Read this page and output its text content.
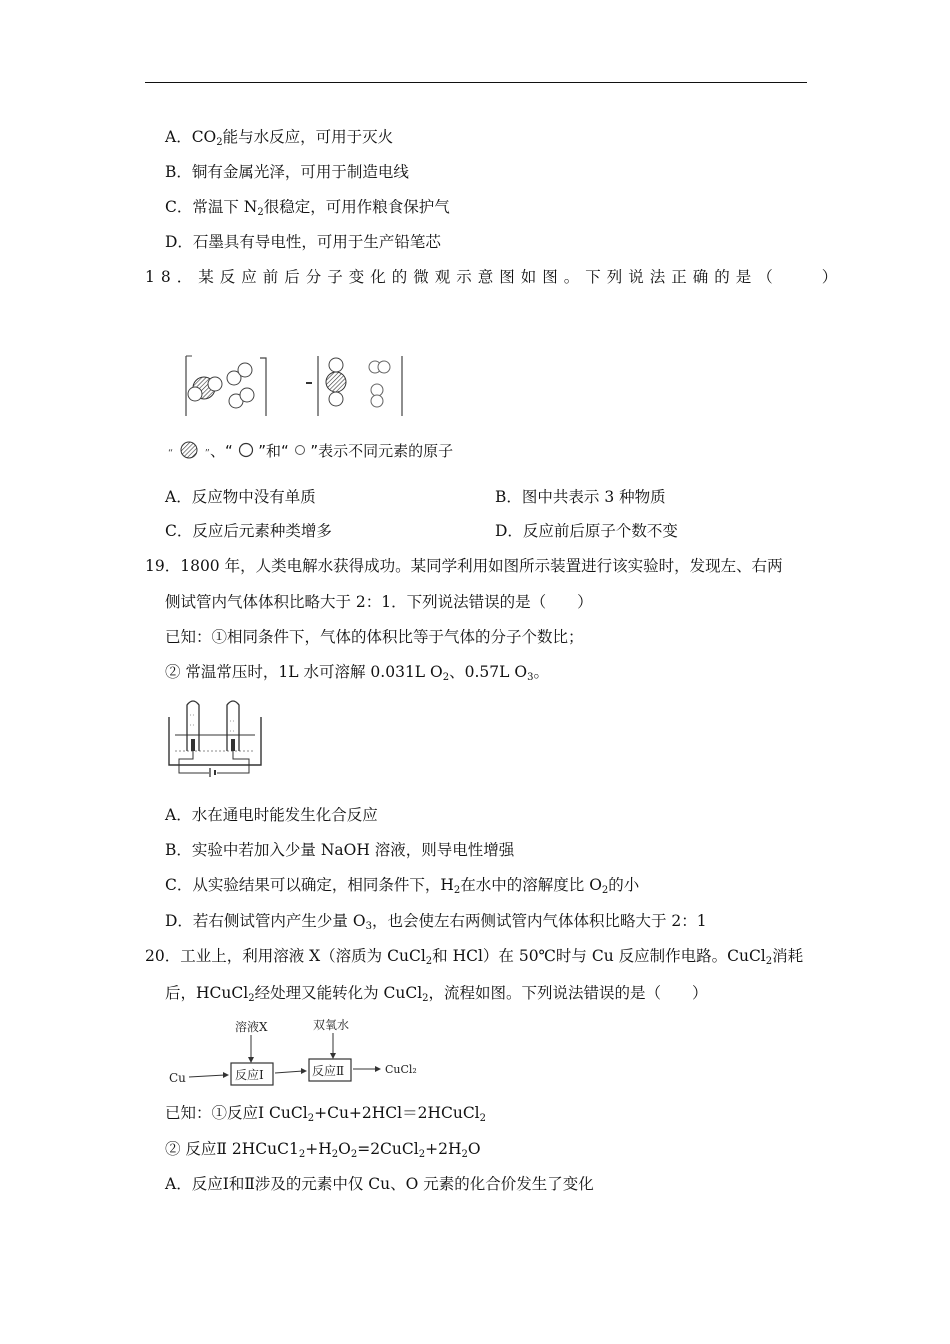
A．$CO_2$能与水反应，可用于灭火
B．铜有金属光泽，可用于制造电线
C．常温下 $N_2$很稳定，可用作粮食保护气
D．石墨具有导电性，可用于生产铅笔芯
18．某反应前后分子变化的微观示意图如图。下列说法正确的是（　　）
“	”、“ ”和“ ”表示不同元素的原子
A．反应物中没有单质	B．图中共表示 3 种物质
C．反应后元素种类增多	D．反应前后原子个数不变
19．1800 年，人类电解水获得成功。某同学利用如图所示装置进行该实验时，发现左、右两
侧试管内气体体积比略大于 2：1．下列说法错误的是（　　）
已知：①相同条件下，气体的体积比等于气体的分子个数比；
② 常温常压时，1L 水可溶解 0.031L $O_2$、0.57L $O_3$。
A．水在通电时能发生化合反应
B．实验中若加入少量 NaOH 溶液，则导电性增强
C．从实验结果可以确定，相同条件下，$H_2$在水中的溶解度比 $O_2$的小
D．若右侧试管内产生少量 $O_3$，也会使左右两侧试管内气体体积比略大于 2：1
20．工业上，利用溶液 X（溶质为 CuCl$_2$和 HCl）在 50℃时与 Cu 反应制作电路。CuCl$_2$消耗
后，HCuCl$_2$经处理又能转化为 CuCl$_2$，流程如图。下列说法错误的是（　　）
溶液X	双氧水
Cu	反应Ⅰ	反应Ⅱ	CuCl₂
已知：①反应Ⅰ CuCl$_2$+Cu+2HCl＝2HCuCl$_2$
② 反应Ⅱ $2HCuC1_2+H_2O_2=2CuCl_2+2H_2O$
A．反应Ⅰ和Ⅱ涉及的元素中仅 Cu、O 元素的化合价发生了变化
